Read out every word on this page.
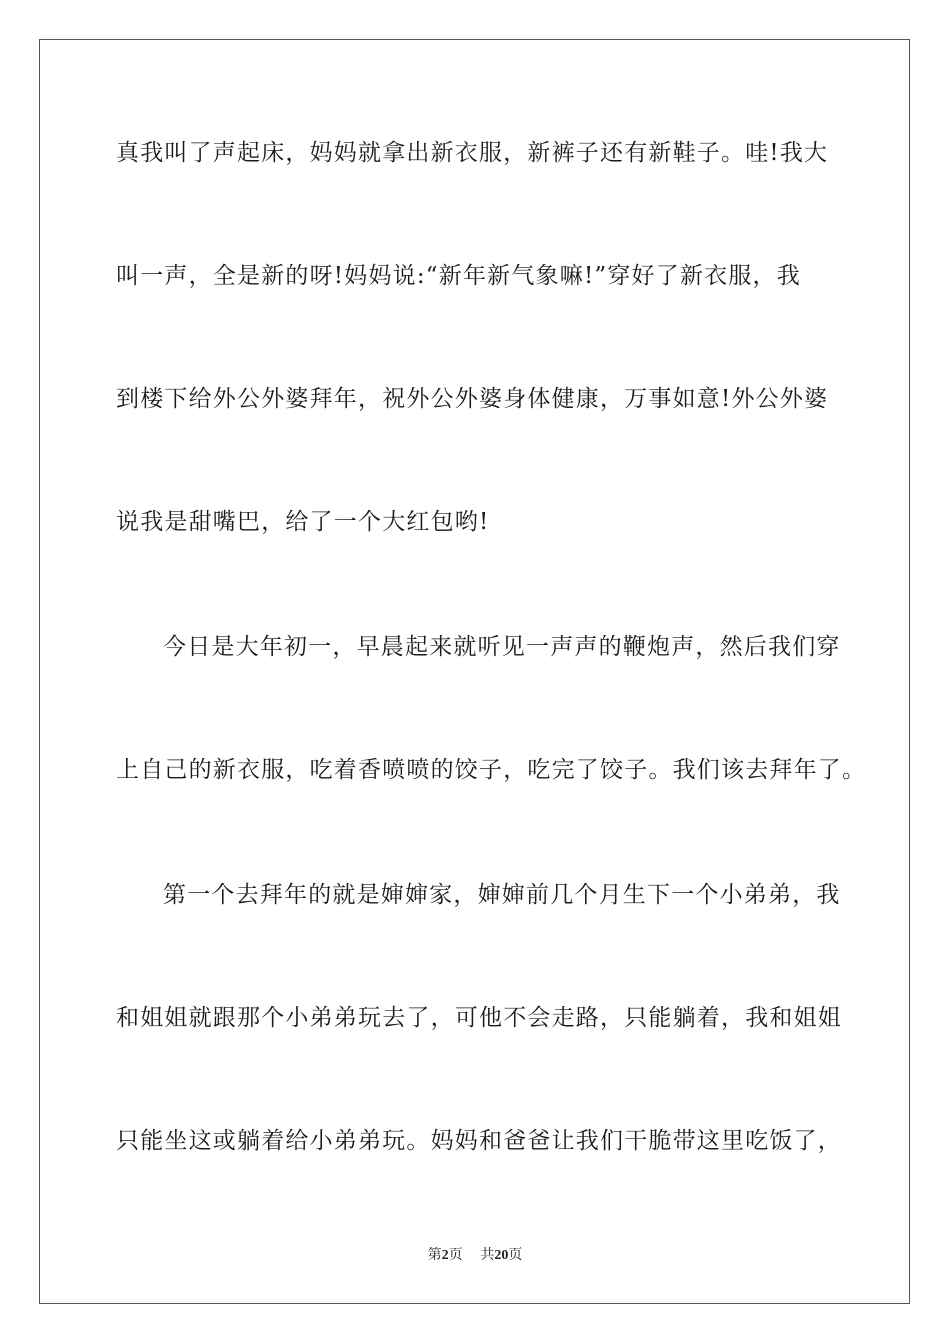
真我叫了声起床，妈妈就拿出新衣服，新裤子还有新鞋子。哇!我大
叫一声，全是新的呀!妈妈说:“新年新气象嘛!”穿好了新衣服，我
到楼下给外公外婆拜年，祝外公外婆身体健康，万事如意!外公外婆
说我是甜嘴巴，给了一个大红包哟!
今日是大年初一，早晨起来就听见一声声的鞭炮声，然后我们穿
上自己的新衣服，吃着香喷喷的饺子，吃完了饺子。我们该去拜年了。
第一个去拜年的就是婶婶家，婶婶前几个月生下一个小弟弟，我
和姐姐就跟那个小弟弟玩去了，可他不会走路，只能躺着，我和姐姐
只能坐这或躺着给小弟弟玩。妈妈和爸爸让我们干脆带这里吃饭了，
第2页 共20页
